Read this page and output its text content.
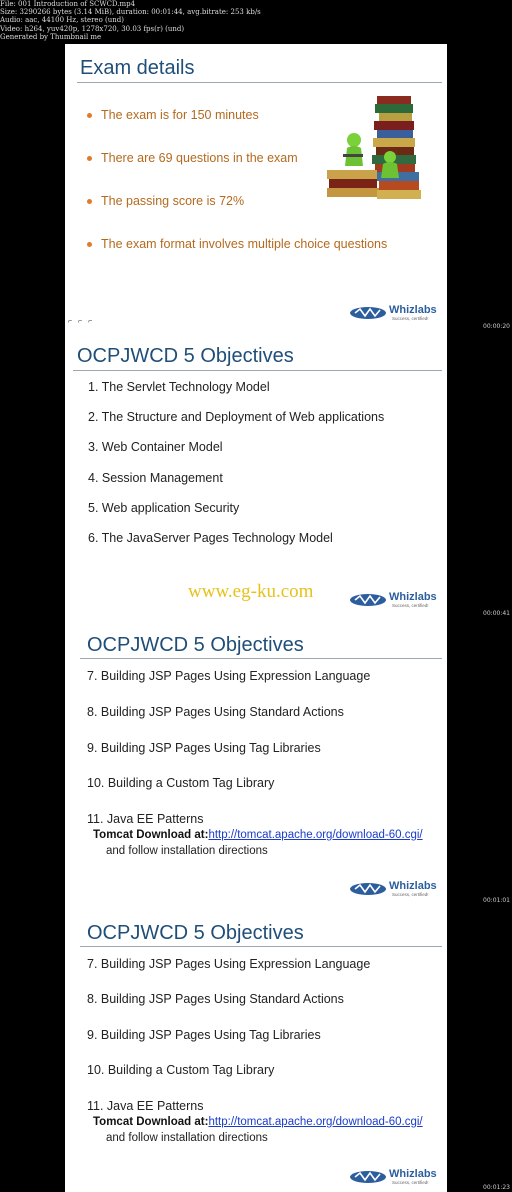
File: 001 Introduction of SCWCD.mp4
Size: 3290266 bytes (3.14 MiB), duration: 00:01:44, avg.bitrate: 253 kb/s
Audio: aac, 44100 Hz, stereo (und)
Video: h264, yuv420p, 1278x720, 30.03 fps(r) (und)
Generated by Thumbnail me
Exam details
The exam is for 150 minutes
There are 69 questions in the exam
The passing score is 72%
The exam format involves multiple choice questions
Whizlabs
Success, certified!
⌐ ⌐ ⌐
00:00:20
OCPJWCD 5 Objectives
1. The Servlet Technology Model
2. The Structure and Deployment of Web applications
3. Web Container Model
4. Session Management
5. Web application Security
6. The JavaServer Pages Technology Model
Whizlabs
Success, certified!
www.eg-ku.com
00:00:41
OCPJWCD 5 Objectives
7. Building JSP Pages Using Expression Language
8. Building JSP Pages Using Standard Actions
9. Building JSP Pages Using Tag Libraries
10. Building a Custom Tag Library
11. Java EE Patterns
Tomcat Download at:http://tomcat.apache.org/download-60.cgi/
and follow installation directions
Whizlabs
Success, certified!
00:01:01
OCPJWCD 5 Objectives
7. Building JSP Pages Using Expression Language
8. Building JSP Pages Using Standard Actions
9. Building JSP Pages Using Tag Libraries
10. Building a Custom Tag Library
11. Java EE Patterns
Tomcat Download at:http://tomcat.apache.org/download-60.cgi/
and follow installation directions
Whizlabs
Success, certified!
00:01:23
